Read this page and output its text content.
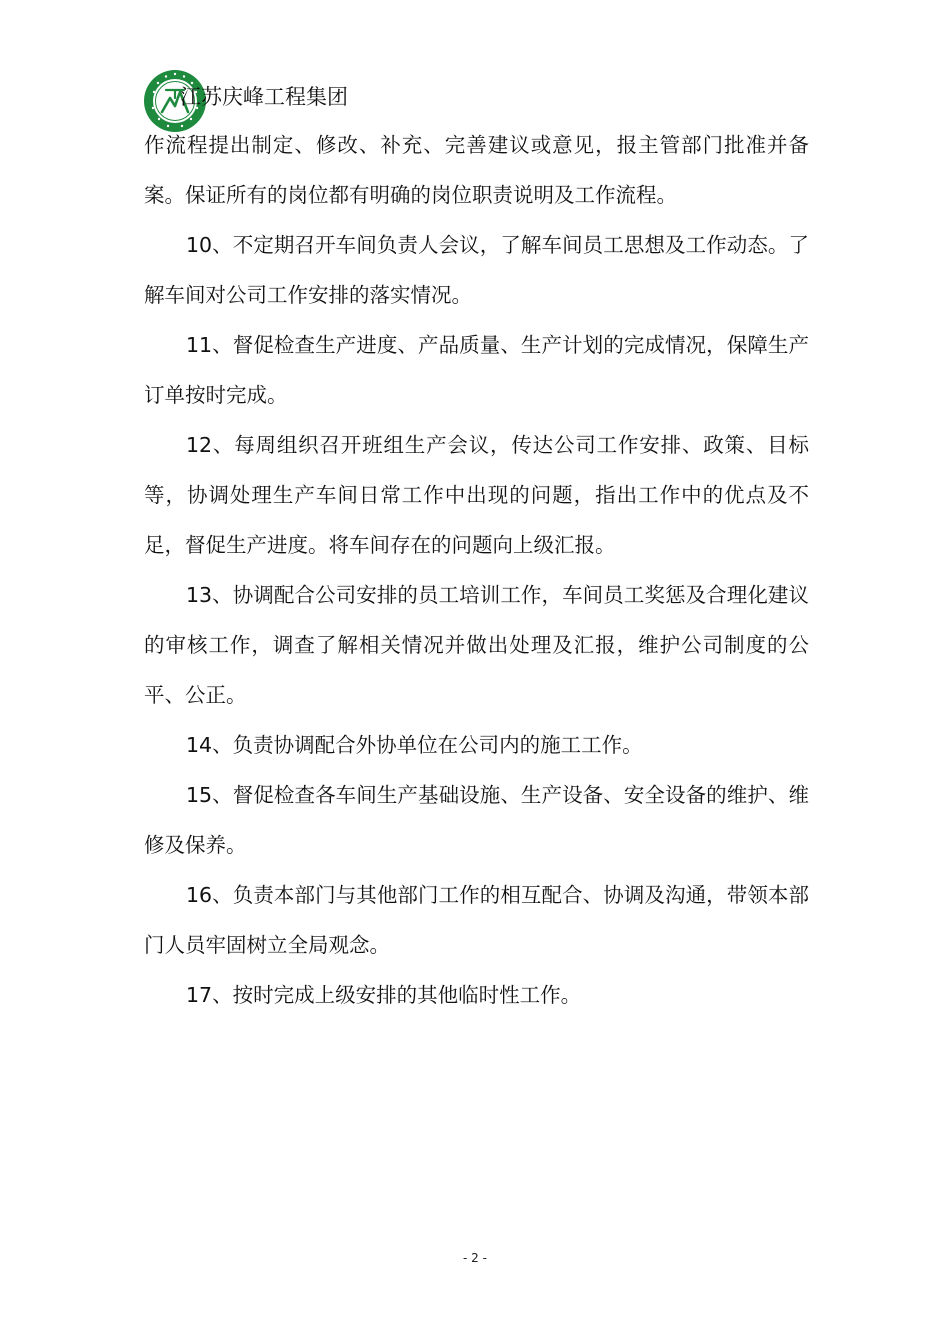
江苏庆峰工程集团

作流程提出制定、修改、补充、完善建议或意见，报主管部门批准并备案。保证所有的岗位都有明确的岗位职责说明及工作流程。

10、不定期召开车间负责人会议，了解车间员工思想及工作动态。了解车间对公司工作安排的落实情况。

11、督促检查生产进度、产品质量、生产计划的完成情况，保障生产订单按时完成。

12、每周组织召开班组生产会议，传达公司工作安排、政策、目标等，协调处理生产车间日常工作中出现的问题，指出工作中的优点及不足，督促生产进度。将车间存在的问题向上级汇报。

13、协调配合公司安排的员工培训工作，车间员工奖惩及合理化建议的审核工作，调查了解相关情况并做出处理及汇报，维护公司制度的公平、公正。

14、负责协调配合外协单位在公司内的施工工作。

15、督促检查各车间生产基础设施、生产设备、安全设备的维护、维修及保养。

16、负责本部门与其他部门工作的相互配合、协调及沟通，带领本部门人员牢固树立全局观念。

17、按时完成上级安排的其他临时性工作。

- 2 -
